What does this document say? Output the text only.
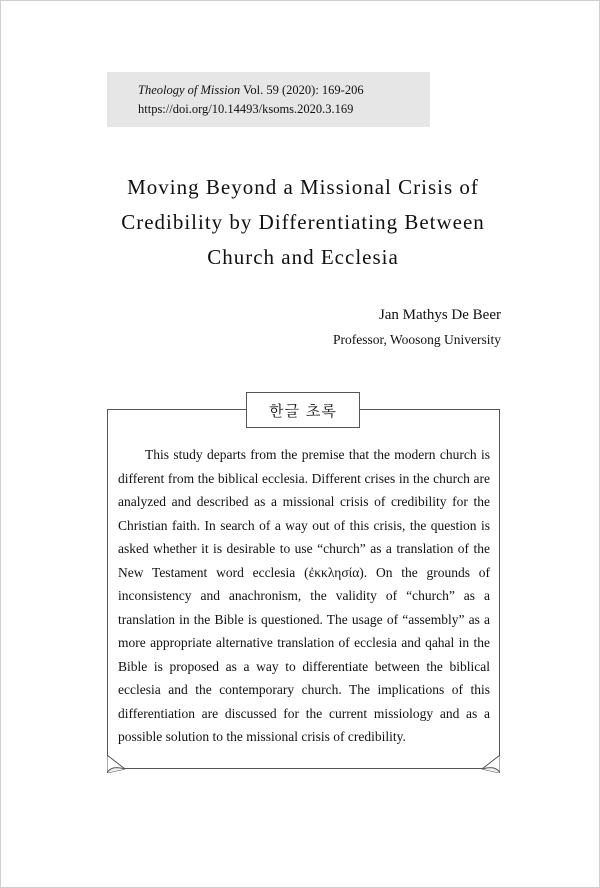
Theology of Mission Vol. 59 (2020): 169-206
https://doi.org/10.14493/ksoms.2020.3.169
Moving Beyond a Missional Crisis of
Credibility by Differentiating Between
Church and Ecclesia
Jan Mathys De Beer
Professor, Woosong University
한글 초록

This study departs from the premise that the modern church is different from the biblical ecclesia. Different crises in the church are analyzed and described as a missional crisis of credibility for the Christian faith. In search of a way out of this crisis, the question is asked whether it is desirable to use “church” as a translation of the New Testament word ecclesia (ἐκκλησία). On the grounds of inconsistency and anachronism, the validity of “church” as a translation in the Bible is questioned. The usage of “assembly” as a more appropriate alternative translation of ecclesia and qahal in the Bible is proposed as a way to differentiate between the biblical ecclesia and the contemporary church. The implications of this differentiation are discussed for the current missiology and as a possible solution to the missional crisis of credibility.
